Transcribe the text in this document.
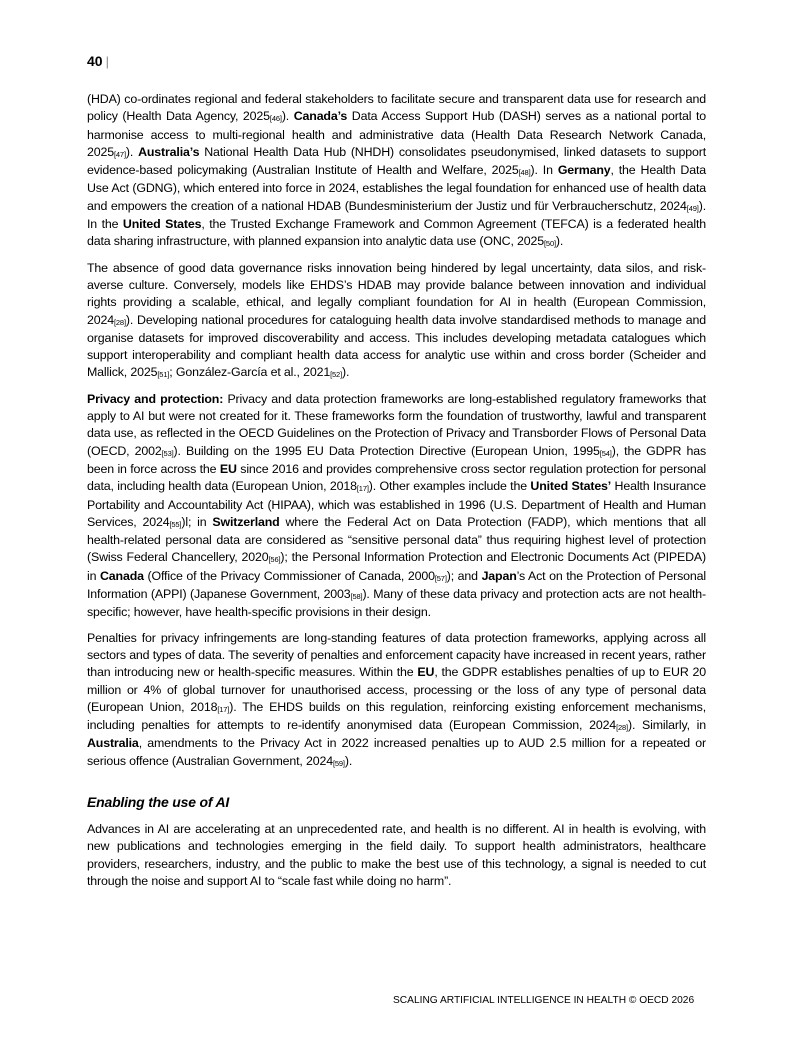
40 |

(HDA) co-ordinates regional and federal stakeholders to facilitate secure and transparent data use for research and policy (Health Data Agency, 2025[46]). Canada’s Data Access Support Hub (DASH) serves as a national portal to harmonise access to multi-regional health and administrative data (Health Data Research Network Canada, 2025[47]). Australia’s National Health Data Hub (NHDH) consolidates pseudonymised, linked datasets to support evidence-based policymaking (Australian Institute of Health and Welfare, 2025[48]). In Germany, the Health Data Use Act (GDNG), which entered into force in 2024, establishes the legal foundation for enhanced use of health data and empowers the creation of a national HDAB (Bundesministerium der Justiz und für Verbraucherschutz, 2024[49]). In the United States, the Trusted Exchange Framework and Common Agreement (TEFCA) is a federated health data sharing infrastructure, with planned expansion into analytic data use (ONC, 2025[50]).

The absence of good data governance risks innovation being hindered by legal uncertainty, data silos, and risk-averse culture. Conversely, models like EHDS’s HDAB may provide balance between innovation and individual rights providing a scalable, ethical, and legally compliant foundation for AI in health (European Commission, 2024[28]). Developing national procedures for cataloguing health data involve standardised methods to manage and organise datasets for improved discoverability and access. This includes developing metadata catalogues which support interoperability and compliant health data access for analytic use within and cross border (Scheider and Mallick, 2025[51]; González-García et al., 2021[52]).

Privacy and protection: Privacy and data protection frameworks are long-established regulatory frameworks that apply to AI but were not created for it. These frameworks form the foundation of trustworthy, lawful and transparent data use, as reflected in the OECD Guidelines on the Protection of Privacy and Transborder Flows of Personal Data (OECD, 2002[53]). Building on the 1995 EU Data Protection Directive (European Union, 1995[54]), the GDPR has been in force across the EU since 2016 and provides comprehensive cross sector regulation protection for personal data, including health data (European Union, 2018[17]). Other examples include the United States’ Health Insurance Portability and Accountability Act (HIPAA), which was established in 1996 (U.S. Department of Health and Human Services, 2024[55])l; in Switzerland where the Federal Act on Data Protection (FADP), which mentions that all health-related personal data are considered as “sensitive personal data” thus requiring highest level of protection (Swiss Federal Chancellery, 2020[56]); the Personal Information Protection and Electronic Documents Act (PIPEDA) in Canada (Office of the Privacy Commissioner of Canada, 2000[57]); and Japan’s Act on the Protection of Personal Information (APPI) (Japanese Government, 2003[58]). Many of these data privacy and protection acts are not health-specific; however, have health-specific provisions in their design.

Penalties for privacy infringements are long-standing features of data protection frameworks, applying across all sectors and types of data. The severity of penalties and enforcement capacity have increased in recent years, rather than introducing new or health-specific measures. Within the EU, the GDPR establishes penalties of up to EUR 20 million or 4% of global turnover for unauthorised access, processing or the loss of any type of personal data (European Union, 2018[17]). The EHDS builds on this regulation, reinforcing existing enforcement mechanisms, including penalties for attempts to re-identify anonymised data (European Commission, 2024[28]). Similarly, in Australia, amendments to the Privacy Act in 2022 increased penalties up to AUD 2.5 million for a repeated or serious offence (Australian Government, 2024[59]).

Enabling the use of AI

Advances in AI are accelerating at an unprecedented rate, and health is no different. AI in health is evolving, with new publications and technologies emerging in the field daily. To support health administrators, healthcare providers, researchers, industry, and the public to make the best use of this technology, a signal is needed to cut through the noise and support AI to “scale fast while doing no harm”.

SCALING ARTIFICIAL INTELLIGENCE IN HEALTH © OECD 2026
